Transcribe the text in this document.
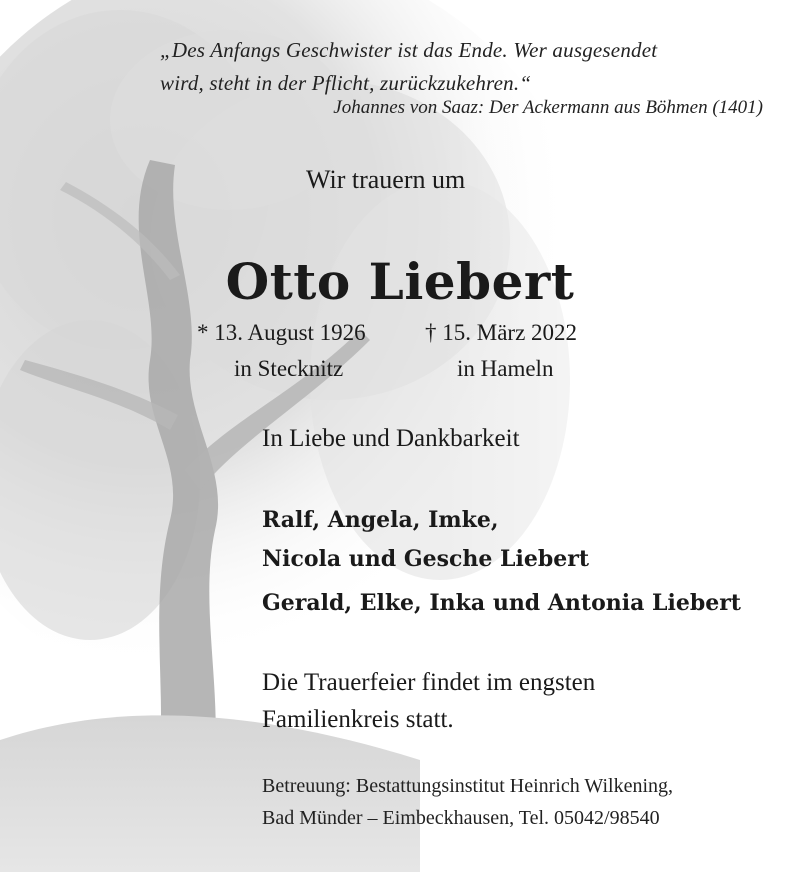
„Des Anfangs Geschwister ist das Ende. Wer ausgesendet
wird, steht in der Pflicht, zurückzukehren.“

Johannes von Saaz: Der Ackermann aus Böhmen (1401)

Wir trauern um

Otto Liebert

* 13. August 1926

in Stecknitz

† 15. März 2022

in Hameln

In Liebe und Dankbarkeit

Ralf, Angela, Imke,

Nicola und Gesche Liebert

Gerald, Elke, Inka und Antonia Liebert

Die Trauerfeier findet im engsten
Familienkreis statt.

Betreuung: Bestattungsinstitut Heinrich Wilkening,
Bad Münder – Eimbeckhausen, Tel. 05042/98540
